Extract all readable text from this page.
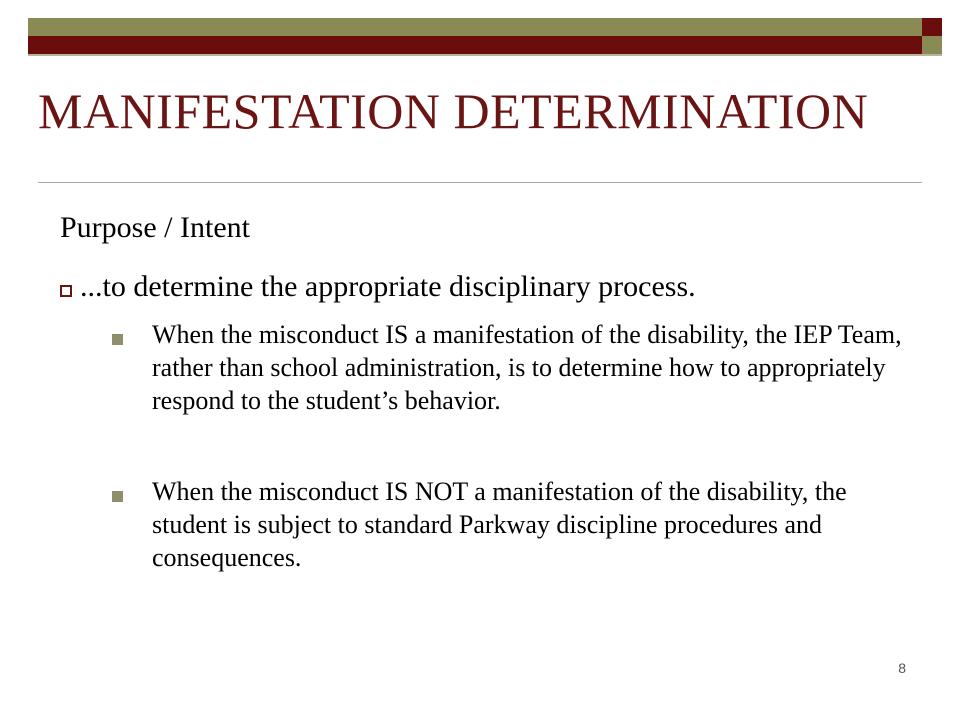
MANIFESTATION DETERMINATION
Purpose / Intent
...to determine the appropriate disciplinary process.
When the misconduct IS a manifestation of the disability, the IEP Team, rather than school administration, is to determine how to appropriately respond to the student’s behavior.
When the misconduct IS NOT a manifestation of the disability, the student is subject to standard Parkway discipline procedures and consequences.
8
